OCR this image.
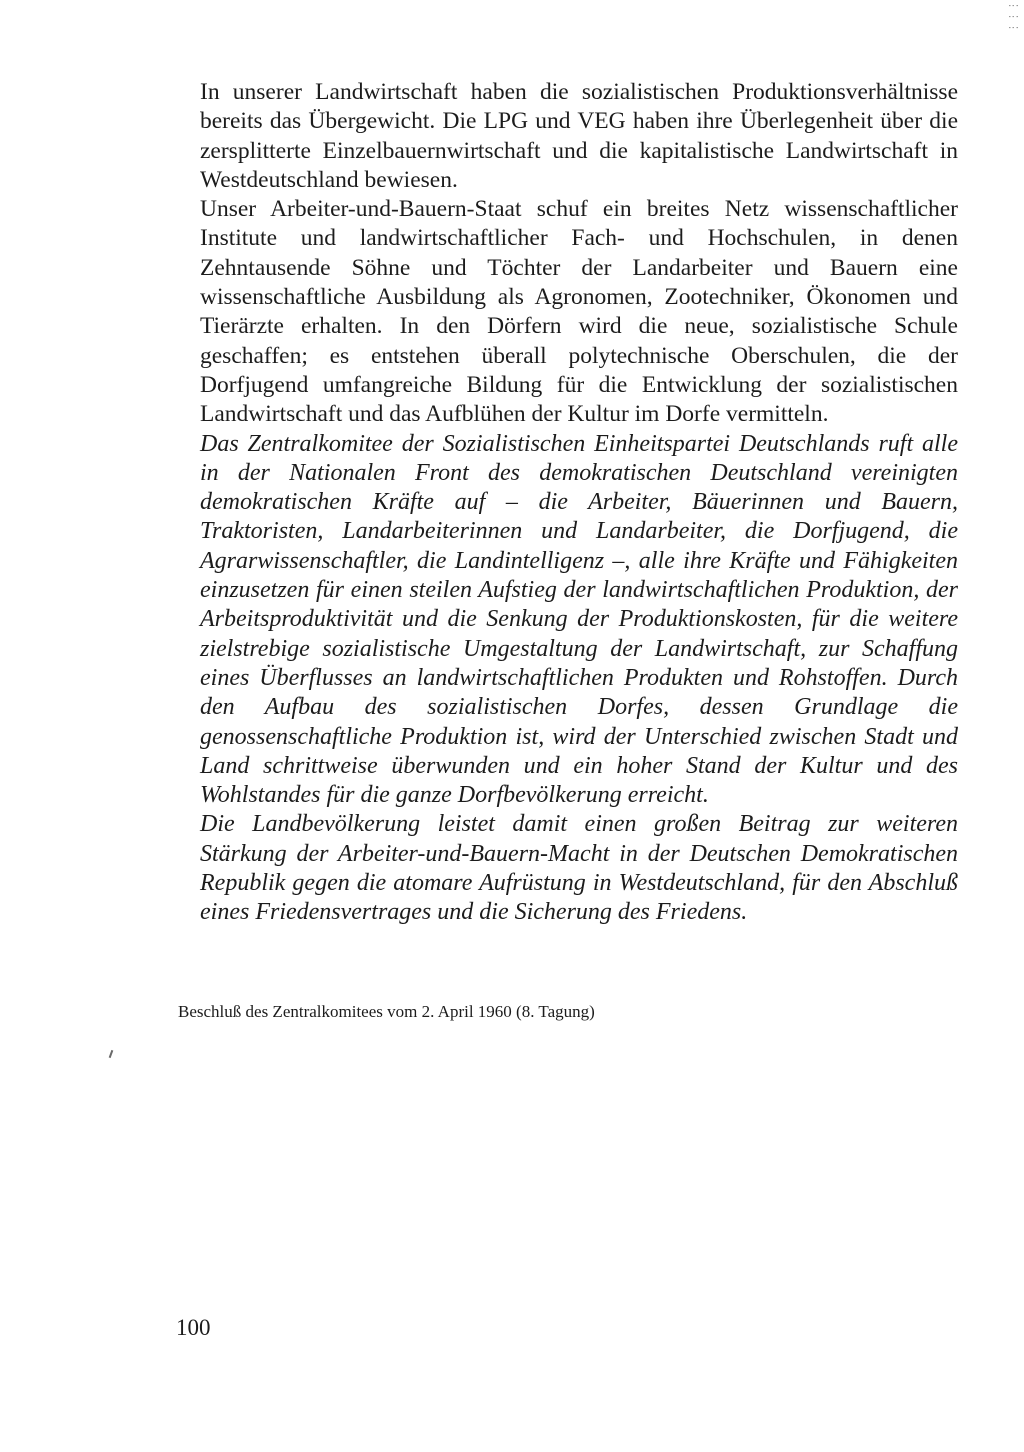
⋮⋮⋮

In unserer Landwirtschaft haben die sozialistischen Produktionsverhältnisse bereits das Übergewicht. Die LPG und VEG haben ihre Überlegenheit über die zersplitterte Einzelbauernwirtschaft und die kapitalistische Landwirtschaft in Westdeutschland bewiesen.

Unser Arbeiter-und-Bauern-Staat schuf ein breites Netz wissenschaftlicher Institute und landwirtschaftlicher Fach- und Hochschulen, in denen Zehntausende Söhne und Töchter der Landarbeiter und Bauern eine wissenschaftliche Ausbildung als Agronomen, Zootechniker, Ökonomen und Tierärzte erhalten. In den Dörfern wird die neue, sozialistische Schule geschaffen; es entstehen überall polytechnische Oberschulen, die der Dorfjugend umfangreiche Bildung für die Entwicklung der sozialistischen Landwirtschaft und das Aufblühen der Kultur im Dorfe vermitteln.

Das Zentralkomitee der Sozialistischen Einheitspartei Deutschlands ruft alle in der Nationalen Front des demokratischen Deutschland vereinigten demokratischen Kräfte auf – die Arbeiter, Bäuerinnen und Bauern, Traktoristen, Landarbeiterinnen und Landarbeiter, die Dorfjugend, die Agrarwissenschaftler, die Landintelligenz –, alle ihre Kräfte und Fähigkeiten einzusetzen für einen steilen Aufstieg der landwirtschaftlichen Produktion, der Arbeitsproduktivität und die Senkung der Produktionskosten, für die weitere zielstrebige sozialistische Umgestaltung der Landwirtschaft, zur Schaffung eines Überflusses an landwirtschaftlichen Produkten und Rohstoffen. Durch den Aufbau des sozialistischen Dorfes, dessen Grundlage die genossenschaftliche Produktion ist, wird der Unterschied zwischen Stadt und Land schrittweise überwunden und ein hoher Stand der Kultur und des Wohlstandes für die ganze Dorfbevölkerung erreicht.

Die Landbevölkerung leistet damit einen großen Beitrag zur weiteren Stärkung der Arbeiter-und-Bauern-Macht in der Deutschen Demokratischen Republik gegen die atomare Aufrüstung in Westdeutschland, für den Abschluß eines Friedensvertrages und die Sicherung des Friedens.

Beschluß des Zentralkomitees vom 2. April 1960 (8. Tagung)

100
